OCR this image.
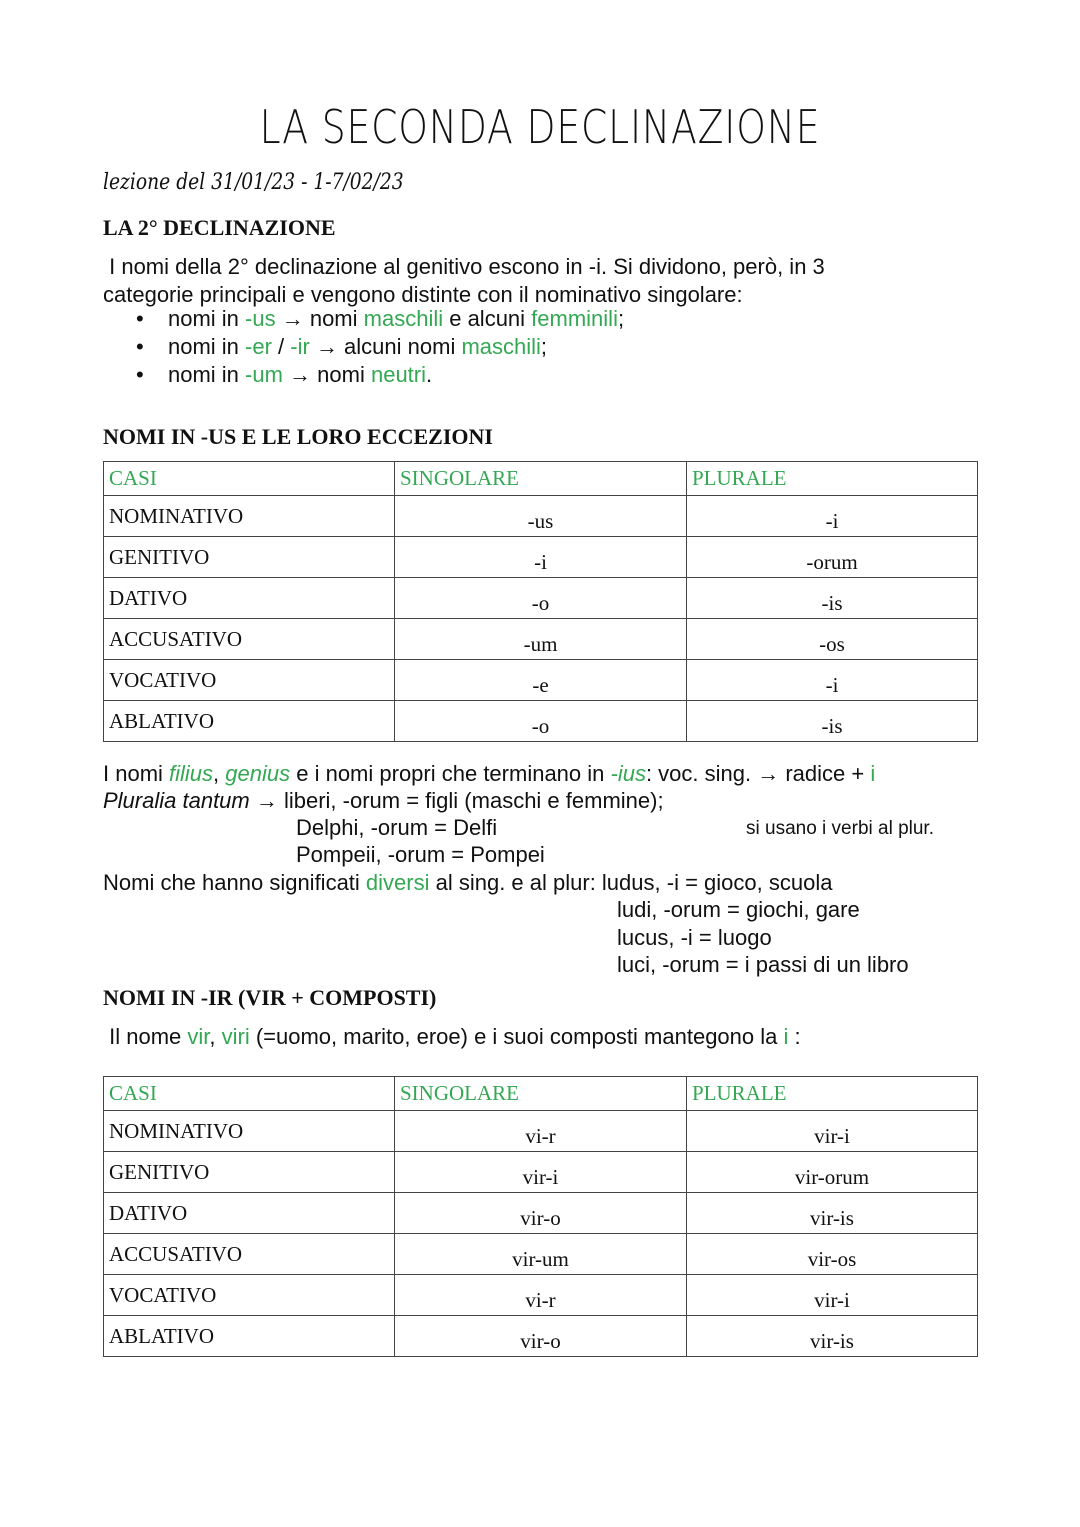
LA SECONDA DECLINAZIONE
lezione del 31/01/23 - 1-7/02/23
LA 2° DECLINAZIONE
I nomi della 2° declinazione al genitivo escono in -i. Si dividono, però, in 3
categorie principali e vengono distinte con il nominativo singolare:
• nomi in -us → nomi maschili e alcuni femminili;
• nomi in -er / -ir → alcuni nomi maschili;
• nomi in -um → nomi neutri.
NOMI IN -US E LE LORO ECCEZIONI
CASI	SINGOLARE	PLURALE
NOMINATIVO	-us	-i
GENITIVO	-i	-orum
DATIVO	-o	-is
ACCUSATIVO	-um	-os
VOCATIVO	-e	-i
ABLATIVO	-o	-is
I nomi filius, genius e i nomi propri che terminano in -ius: voc. sing. → radice + i
Pluralia tantum → liberi, -orum = figli (maschi e femmine);
Delphi, -orum = Delfi	si usano i verbi al plur.
Pompeii, -orum = Pompei
Nomi che hanno significati diversi al sing. e al plur: ludus, -i = gioco, scuola
ludi, -orum = giochi, gare
lucus, -i = luogo
luci, -orum = i passi di un libro
NOMI IN -IR (VIR + COMPOSTI)
Il nome vir, viri (=uomo, marito, eroe) e i suoi composti mantegono la i :
CASI	SINGOLARE	PLURALE
NOMINATIVO	vi-r	vir-i
GENITIVO	vir-i	vir-orum
DATIVO	vir-o	vir-is
ACCUSATIVO	vir-um	vir-os
VOCATIVO	vi-r	vir-i
ABLATIVO	vir-o	vir-is
